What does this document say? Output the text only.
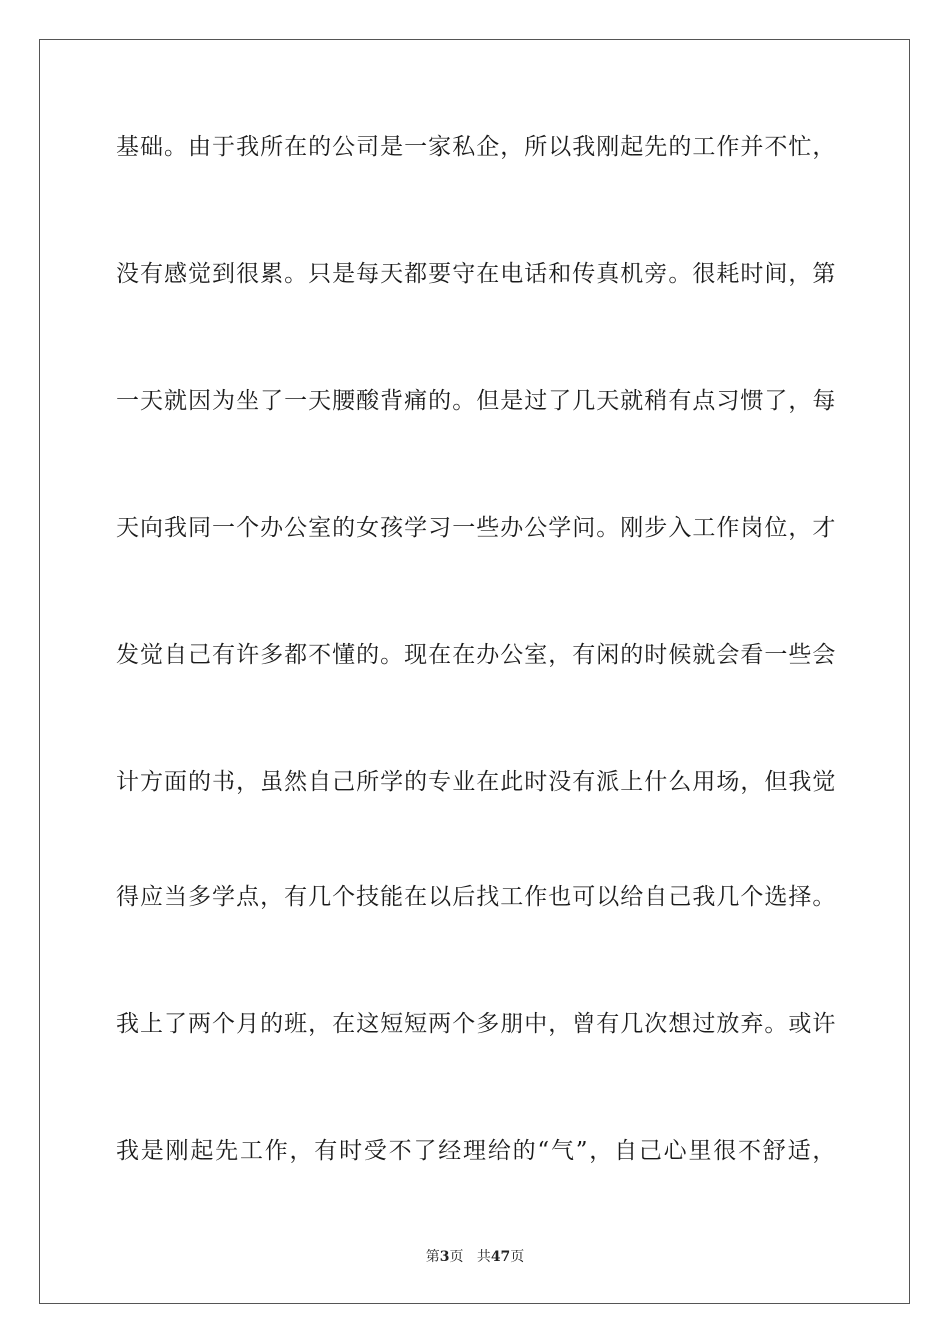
基础。由于我所在的公司是一家私企，所以我刚起先的工作并不忙，
没有感觉到很累。只是每天都要守在电话和传真机旁。很耗时间，第
一天就因为坐了一天腰酸背痛的。但是过了几天就稍有点习惯了，每
天向我同一个办公室的女孩学习一些办公学问。刚步入工作岗位，才
发觉自己有许多都不懂的。现在在办公室，有闲的时候就会看一些会
计方面的书，虽然自己所学的专业在此时没有派上什么用场，但我觉
得应当多学点，有几个技能在以后找工作也可以给自己我几个选择。
我上了两个月的班，在这短短两个多朋中，曾有几次想过放弃。或许
我是刚起先工作，有时受不了经理给的“气”，自己心里很不舒适，
第3页 共47页
